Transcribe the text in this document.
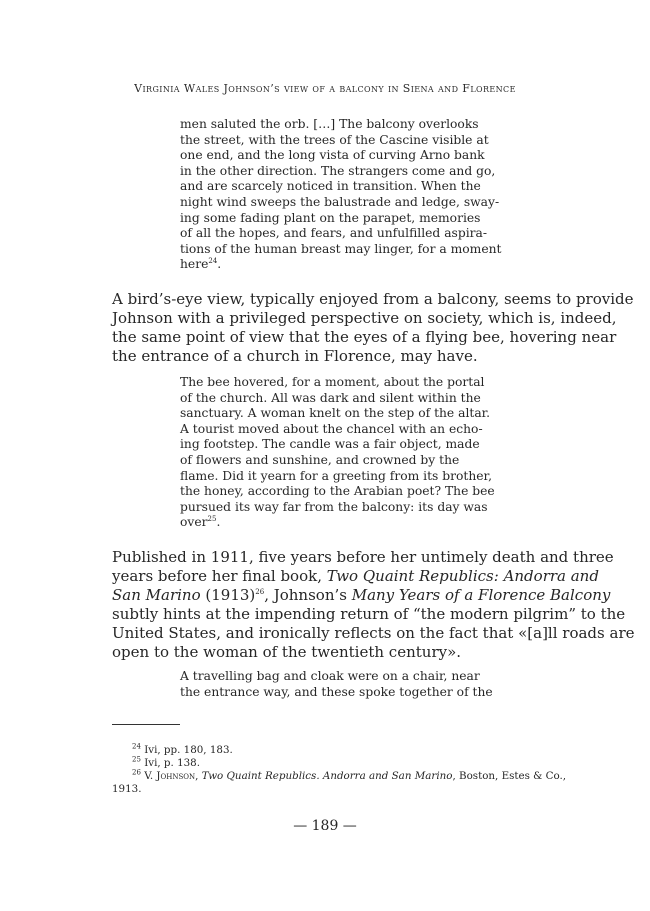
Virginia Wales Johnson’s view of a balcony in Siena and Florence
men saluted the orb. […] The balcony overlooks
the street, with the trees of the Cascine visible at
one end, and the long vista of curving Arno bank
in the other direction. The strangers come and go,
and are scarcely noticed in transition. When the
night wind sweeps the balustrade and ledge, sway-
ing some fading plant on the parapet, memories
of all the hopes, and fears, and unfulfilled aspira-
tions of the human breast may linger, for a moment
here$^{24}$.
A bird’s-eye view, typically enjoyed from a balcony, seems to provide
Johnson with a privileged perspective on society, which is, indeed,
the same point of view that the eyes of a flying bee, hovering near
the entrance of a church in Florence, may have.
The bee hovered, for a moment, about the portal
of the church. All was dark and silent within the
sanctuary. A woman knelt on the step of the altar.
A tourist moved about the chancel with an echo-
ing footstep. The candle was a fair object, made
of flowers and sunshine, and crowned by the
flame. Did it yearn for a greeting from its brother,
the honey, according to the Arabian poet? The bee
pursued its way far from the balcony: its day was
over$^{25}$.
Published in 1911, five years before her untimely death and three
years before her final book, Two Quaint Republics: Andorra and
San Marino $(1913)^{26}$, Johnson’s Many Years of a Florence Balcony
subtly hints at the impending return of “the modern pilgrim” to the
United States, and ironically reflects on the fact that «[a]ll roads are
open to the woman of the twentieth century».
A travelling bag and cloak were on a chair, near
the entrance way, and these spoke together of the
$^{24}$ Ivi, pp. 180, 183.
$^{25}$ Ivi, p. 138.
$^{26}$ V. Johnson, Two Quaint Republics. Andorra and San Marino, Boston, Estes & Co.,
1913.
— 189 —
